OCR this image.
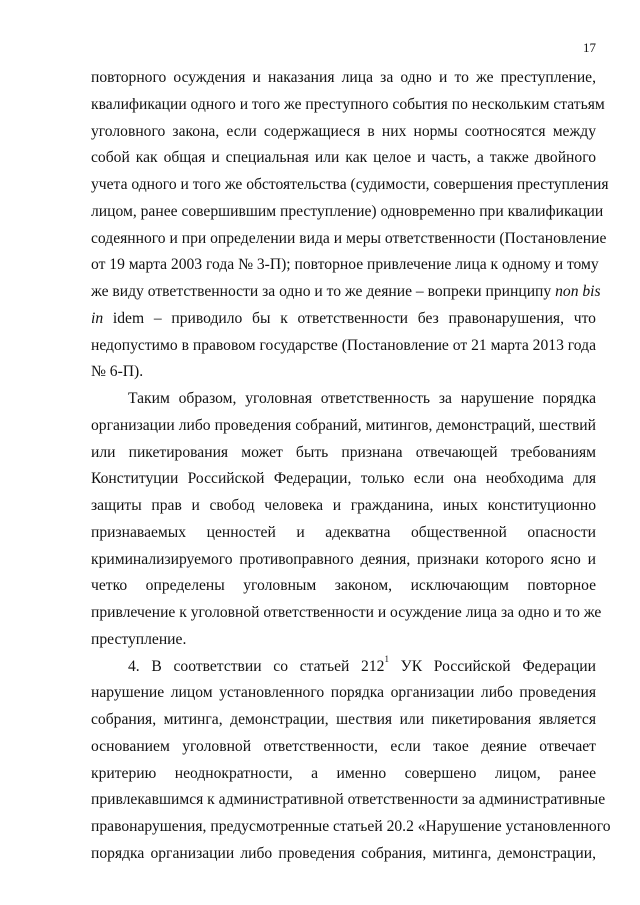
17
повторного осуждения и наказания лица за одно и то же преступление,
квалификации одного и того же преступного события по нескольким статьям
уголовного закона, если содержащиеся в них нормы соотносятся между
собой как общая и специальная или как целое и часть, а также двойного
учета одного и того же обстоятельства (судимости, совершения преступления
лицом, ранее совершившим преступление) одновременно при квалификации
содеянного и при определении вида и меры ответственности (Постановление
от 19 марта 2003 года № 3-П); повторное привлечение лица к одному и тому
же виду ответственности за одно и то же деяние – вопреки принципу non bis
in idem – приводило бы к ответственности без правонарушения, что
недопустимо в правовом государстве (Постановление от 21 марта 2013 года
№ 6-П).
Таким образом, уголовная ответственность за нарушение порядка
организации либо проведения собраний, митингов, демонстраций, шествий
или пикетирования может быть признана отвечающей требованиям
Конституции Российской Федерации, только если она необходима для
защиты прав и свобод человека и гражданина, иных конституционно
признаваемых ценностей и адекватна общественной опасности
криминализируемого противоправного деяния, признаки которого ясно и
четко определены уголовным законом, исключающим повторное
привлечение к уголовной ответственности и осуждение лица за одно и то же
преступление.
4. В соответствии со статьей $212^1$ УК Российской Федерации
нарушение лицом установленного порядка организации либо проведения
собрания, митинга, демонстрации, шествия или пикетирования является
основанием уголовной ответственности, если такое деяние отвечает
критерию неоднократности, а именно совершено лицом, ранее
привлекавшимся к административной ответственности за административные
правонарушения, предусмотренные статьей 20.2 «Нарушение установленного
порядка организации либо проведения собрания, митинга, демонстрации,
